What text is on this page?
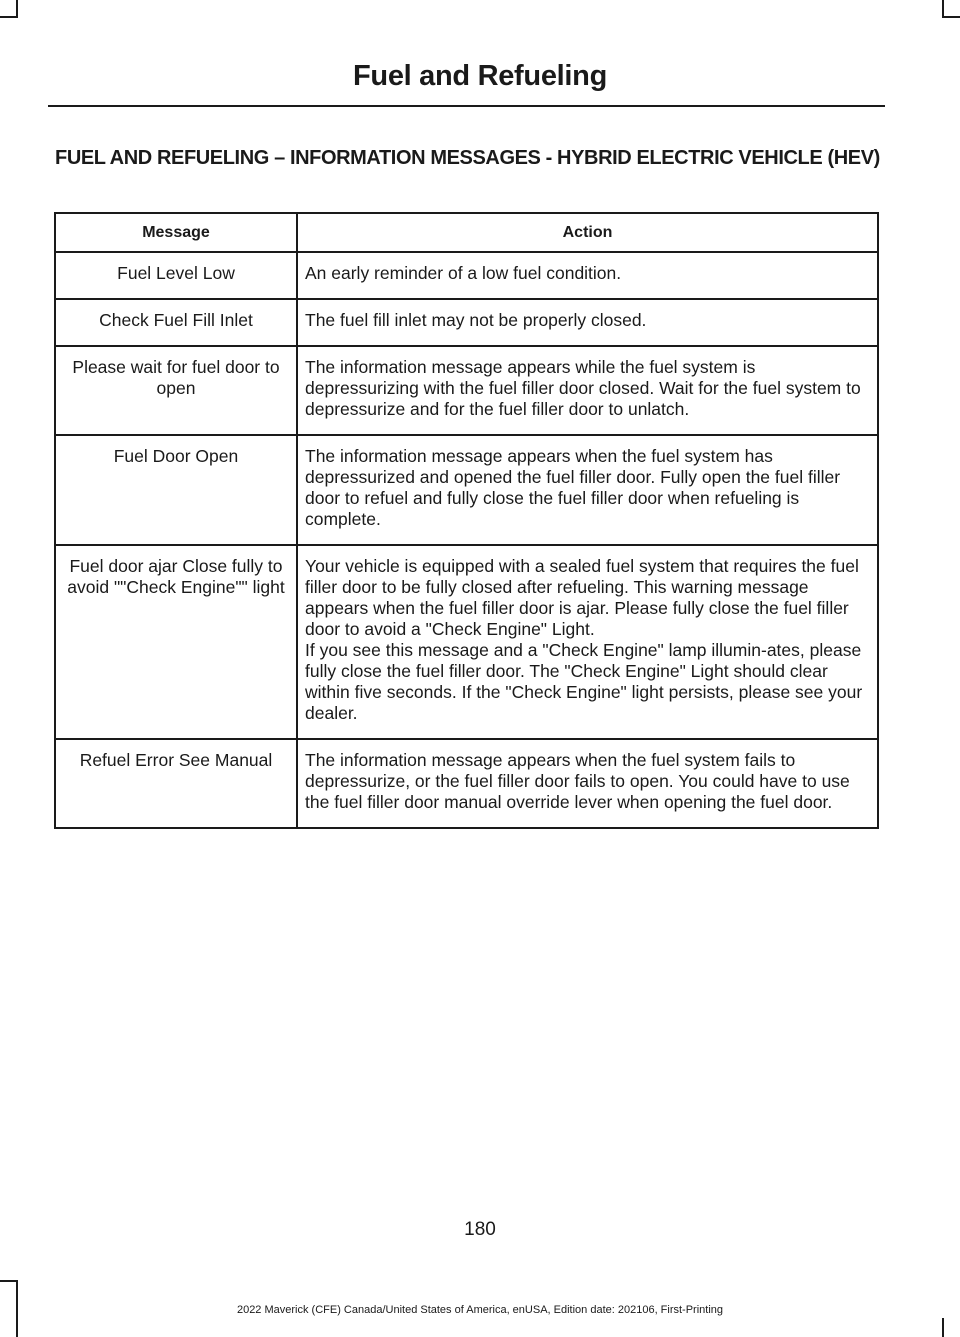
Fuel and Refueling
FUEL AND REFUELING – INFORMATION MESSAGES - HYBRID ELECTRIC VEHICLE (HEV)
Message	Action
Fuel Level Low	An early reminder of a low fuel condition.

Check Fuel Fill Inlet	The fuel fill inlet may not be properly closed.

Please wait for fuel door to open	The information message appears while the fuel system is depressurizing with the fuel filler door closed. Wait for the fuel system to depressurize and for the fuel filler door to unlatch.

Fuel Door Open	The information message appears when the fuel system has depressurized and opened the fuel filler door. Fully open the fuel filler door to refuel and fully close the fuel filler door when refueling is complete.

Fuel door ajar Close fully to avoid ""Check Engine"" light	Your vehicle is equipped with a sealed fuel system that requires the fuel filler door to be fully closed after refueling. This warning message appears when the fuel filler door is ajar. Please fully close the fuel filler door to avoid a "Check Engine" Light.
If you see this message and a "Check Engine" lamp illumin-ates, please fully close the fuel filler door. The "Check Engine" Light should clear within five seconds. If the "Check Engine" light persists, please see your dealer.

Refuel Error See Manual	The information message appears when the fuel system fails to depressurize, or the fuel filler door fails to open. You could have to use the fuel filler door manual override lever when opening the fuel door.
180
2022 Maverick (CFE) Canada/United States of America, enUSA, Edition date: 202106, First-Printing
